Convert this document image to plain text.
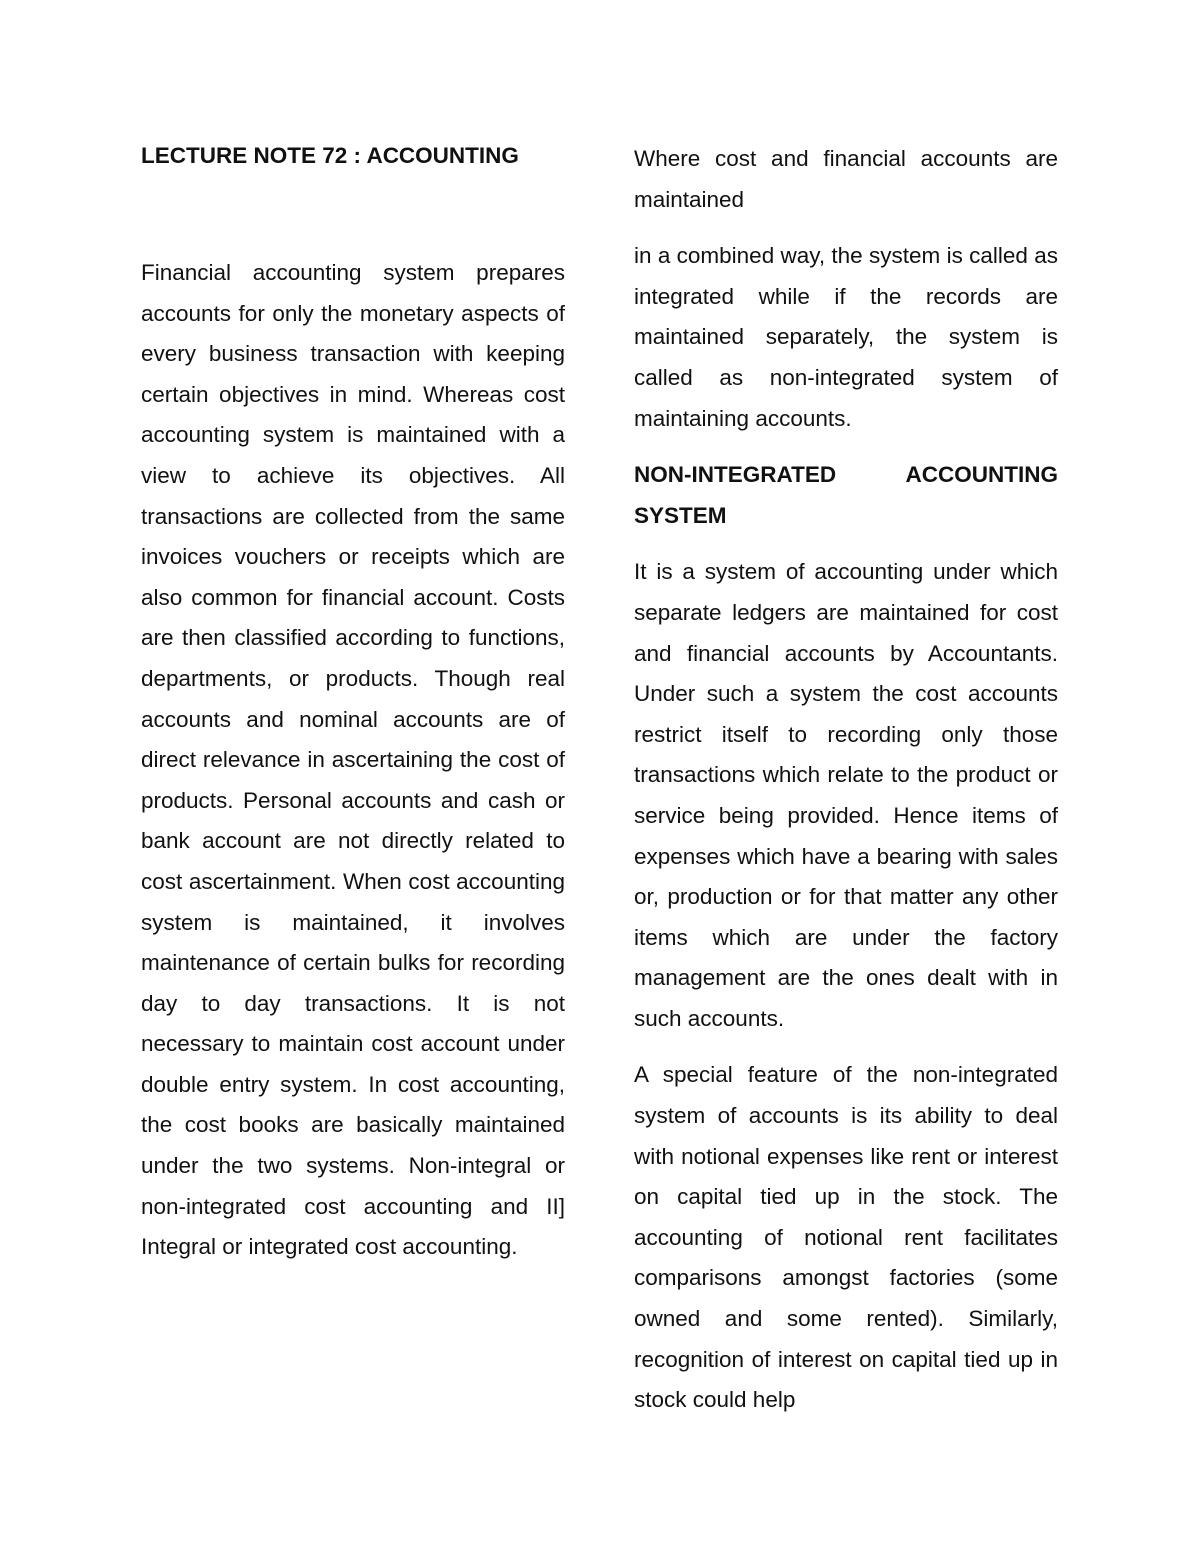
LECTURE NOTE 72 : ACCOUNTING

Financial accounting system prepares accounts for only the monetary aspects of every business transaction with keeping certain objectives in mind. Whereas cost accounting system is maintained with a view to achieve its objectives. All transactions are collected from the same invoices vouchers or receipts which are also common for financial account. Costs are then classified according to functions, departments, or products. Though real accounts and nominal accounts are of direct relevance in ascertaining the cost of products. Personal accounts and cash or bank account are not directly related to cost ascertainment. When cost accounting system is maintained, it involves maintenance of certain bulks for recording day to day transactions. It is not necessary to maintain cost account under double entry system. In cost accounting, the cost books are basically maintained under the two systems. Non-integral or non-integrated cost accounting and II] Integral or integrated cost accounting.

Where cost and financial accounts are maintained

in a combined way, the system is called as integrated while if the records are maintained separately, the system is called as non-integrated system of maintaining accounts.

NON-INTEGRATED	ACCOUNTING
SYSTEM

It is a system of accounting under which separate ledgers are maintained for cost and financial accounts by Accountants. Under such a system the cost accounts restrict itself to recording only those transactions which relate to the product or service being provided. Hence items of expenses which have a bearing with sales or, production or for that matter any other items which are under the factory management are the ones dealt with in such accounts.

A special feature of the non-integrated system of accounts is its ability to deal with notional expenses like rent or interest on capital tied up in the stock. The accounting of notional rent facilitates comparisons amongst factories (some owned and some rented). Similarly, recognition of interest on capital tied up in stock could help
